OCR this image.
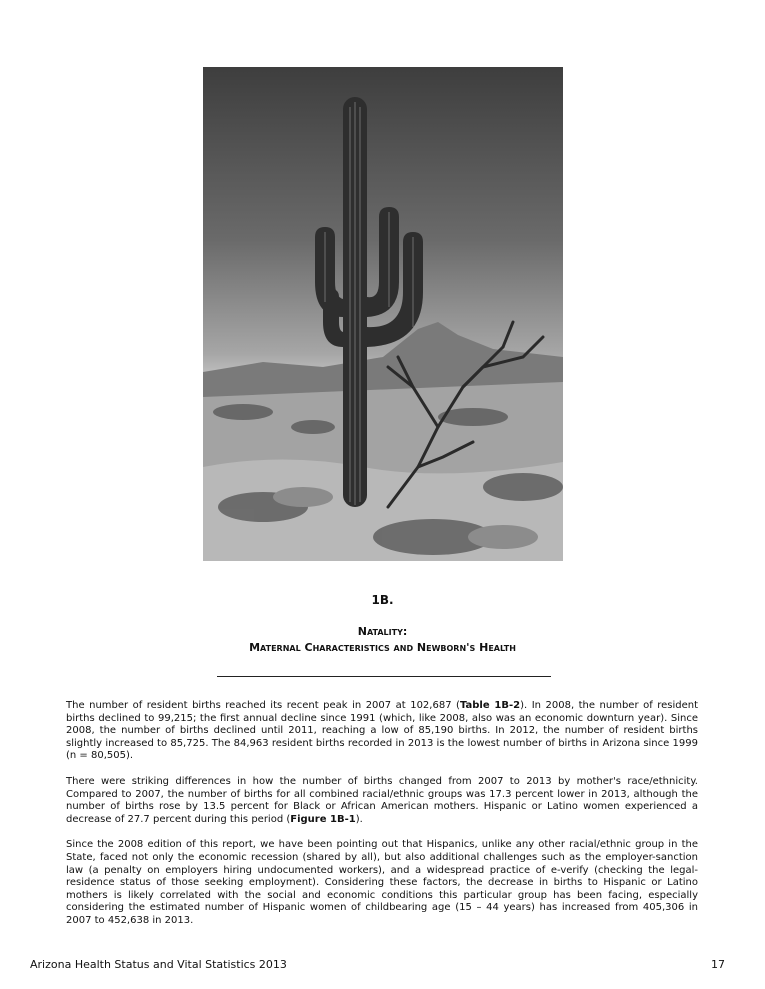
1B.
Natality:
Maternal Characteristics and Newborn's Health

The number of resident births reached its recent peak in 2007 at 102,687 (Table 1B-2). In 2008, the number of resident births declined to 99,215; the first annual decline since 1991 (which, like 2008, also was an economic downturn year). Since 2008, the number of births declined until 2011, reaching a low of 85,190 births. In 2012, the number of resident births slightly increased to 85,725. The 84,963 resident births recorded in 2013 is the lowest number of births in Arizona since 1999 (n = 80,505).

There were striking differences in how the number of births changed from 2007 to 2013 by mother's race/ethnicity. Compared to 2007, the number of births for all combined racial/ethnic groups was 17.3 percent lower in 2013, although the number of births rose by 13.5 percent for Black or African American mothers. Hispanic or Latino women experienced a decrease of 27.7 percent during this period (Figure 1B-1).

Since the 2008 edition of this report, we have been pointing out that Hispanics, unlike any other racial/ethnic group in the State, faced not only the economic recession (shared by all), but also additional challenges such as the employer-sanction law (a penalty on employers hiring undocumented workers), and a widespread practice of e-verify (checking the legal-residence status of those seeking employment). Considering these factors, the decrease in births to Hispanic or Latino mothers is likely correlated with the social and economic conditions this particular group has been facing, especially considering the estimated number of Hispanic women of childbearing age (15 – 44 years) has increased from 405,306 in 2007 to 452,638 in 2013.

Arizona Health Status and Vital Statistics 2013	17
